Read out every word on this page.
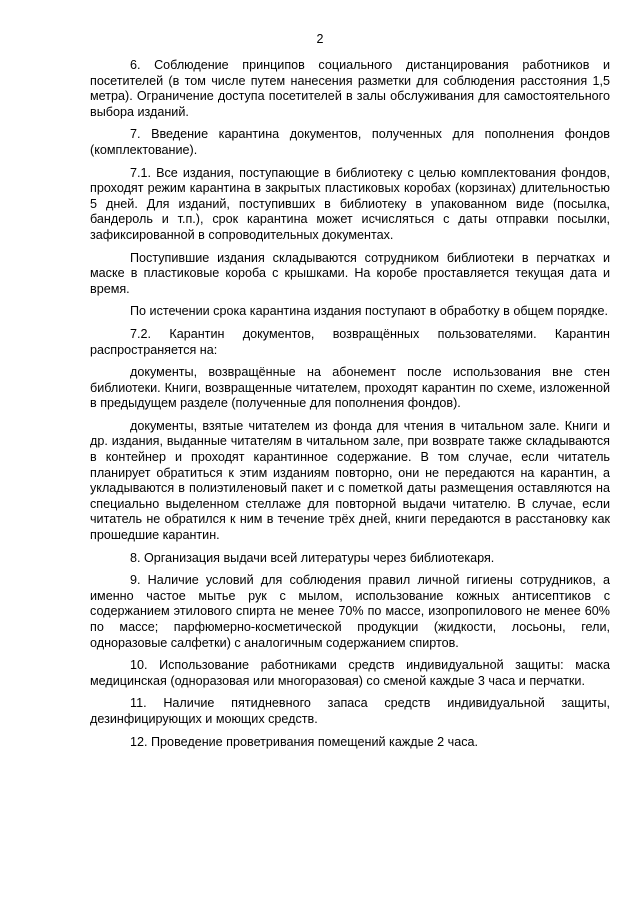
2

6. Соблюдение принципов социального дистанцирования работников и посетителей (в том числе путем нанесения разметки для соблюдения расстояния 1,5 метра). Ограничение доступа посетителей в залы обслуживания для самостоятельного выбора изданий.

7. Введение карантина документов, полученных для пополнения фондов (комплектование).

7.1. Все издания, поступающие в библиотеку с целью комплектования фондов, проходят режим карантина в закрытых пластиковых коробах (корзинах) длительностью 5 дней. Для изданий, поступивших в библиотеку в упакованном виде (посылка, бандероль и т.п.), срок карантина может исчисляться с даты отправки посылки, зафиксированной в сопроводительных документах.

Поступившие издания складываются сотрудником библиотеки в перчатках и маске в пластиковые короба с крышками. На коробе проставляется текущая дата и время.

По истечении срока карантина издания поступают в обработку в общем порядке.

7.2. Карантин документов, возвращённых пользователями. Карантин распространяется на:

документы, возвращённые на абонемент после использования вне стен библиотеки. Книги, возвращенные читателем, проходят карантин по схеме, изложенной в предыдущем разделе (полученные для пополнения фондов).

документы, взятые читателем из фонда для чтения в читальном зале. Книги и др. издания, выданные читателям в читальном зале, при возврате также складываются в контейнер и проходят карантинное содержание. В том случае, если читатель планирует обратиться к этим изданиям повторно, они не передаются на карантин, а укладываются в полиэтиленовый пакет и с пометкой даты размещения оставляются на специально выделенном стеллаже для повторной выдачи читателю. В случае, если читатель не обратился к ним в течение трёх дней, книги передаются в расстановку как прошедшие карантин.

8. Организация выдачи всей литературы через библиотекаря.

9. Наличие условий для соблюдения правил личной гигиены сотрудников, а именно частое мытье рук с мылом, использование кожных антисептиков с содержанием этилового спирта не менее 70% по массе, изопропилового не менее 60% по массе; парфюмерно-косметической продукции (жидкости, лосьоны, гели, одноразовые салфетки) с аналогичным содержанием спиртов.

10. Использование работниками средств индивидуальной защиты: маска медицинская (одноразовая или многоразовая) со сменой каждые 3 часа и перчатки.

11. Наличие пятидневного запаса средств индивидуальной защиты, дезинфицирующих и моющих средств.

12. Проведение проветривания помещений каждые 2 часа.
